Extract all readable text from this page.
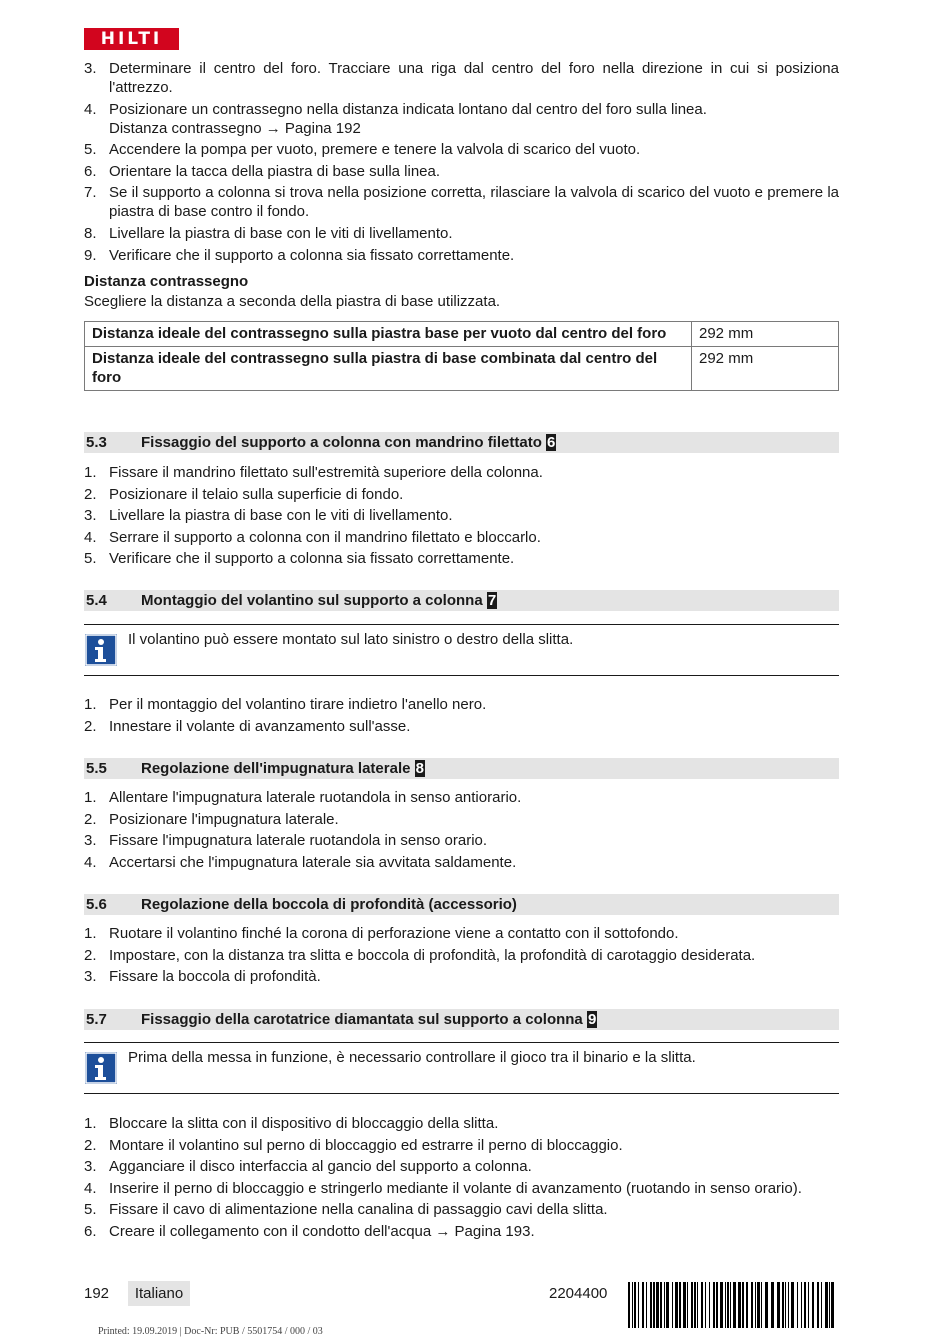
HILTI
3. Determinare il centro del foro. Tracciare una riga dal centro del foro nella direzione in cui si posiziona l'attrezzo.
4. Posizionare un contrassegno nella distanza indicata lontano dal centro del foro sulla linea.
Distanza contrassegno → Pagina 192
5. Accendere la pompa per vuoto, premere e tenere la valvola di scarico del vuoto.
6. Orientare la tacca della piastra di base sulla linea.
7. Se il supporto a colonna si trova nella posizione corretta, rilasciare la valvola di scarico del vuoto e premere la piastra di base contro il fondo.
8. Livellare la piastra di base con le viti di livellamento.
9. Verificare che il supporto a colonna sia fissato correttamente.
Distanza contrassegno
Scegliere la distanza a seconda della piastra di base utilizzata.
Distanza ideale del contrassegno sulla piastra base per vuoto dal centro del foro	292 mm
Distanza ideale del contrassegno sulla piastra di base combinata dal centro del foro	292 mm
5.3 Fissaggio del supporto a colonna con mandrino filettato 6
1. Fissare il mandrino filettato sull'estremità superiore della colonna.
2. Posizionare il telaio sulla superficie di fondo.
3. Livellare la piastra di base con le viti di livellamento.
4. Serrare il supporto a colonna con il mandrino filettato e bloccarlo.
5. Verificare che il supporto a colonna sia fissato correttamente.
5.4 Montaggio del volantino sul supporto a colonna 7
Il volantino può essere montato sul lato sinistro o destro della slitta.
1. Per il montaggio del volantino tirare indietro l'anello nero.
2. Innestare il volante di avanzamento sull'asse.
5.5 Regolazione dell'impugnatura laterale 8
1. Allentare l'impugnatura laterale ruotandola in senso antiorario.
2. Posizionare l'impugnatura laterale.
3. Fissare l'impugnatura laterale ruotandola in senso orario.
4. Accertarsi che l'impugnatura laterale sia avvitata saldamente.
5.6 Regolazione della boccola di profondità (accessorio)
1. Ruotare il volantino finché la corona di perforazione viene a contatto con il sottofondo.
2. Impostare, con la distanza tra slitta e boccola di profondità, la profondità di carotaggio desiderata.
3. Fissare la boccola di profondità.
5.7 Fissaggio della carotatrice diamantata sul supporto a colonna 9
Prima della messa in funzione, è necessario controllare il gioco tra il binario e la slitta.
1. Bloccare la slitta con il dispositivo di bloccaggio della slitta.
2. Montare il volantino sul perno di bloccaggio ed estrarre il perno di bloccaggio.
3. Agganciare il disco interfaccia al gancio del supporto a colonna.
4. Inserire il perno di bloccaggio e stringerlo mediante il volante di avanzamento (ruotando in senso orario).
5. Fissare il cavo di alimentazione nella canalina di passaggio cavi della slitta.
6. Creare il collegamento con il condotto dell'acqua → Pagina 193.
192	Italiano	2204400
Printed: 19.09.2019 | Doc-Nr: PUB / 5501754 / 000 / 03
